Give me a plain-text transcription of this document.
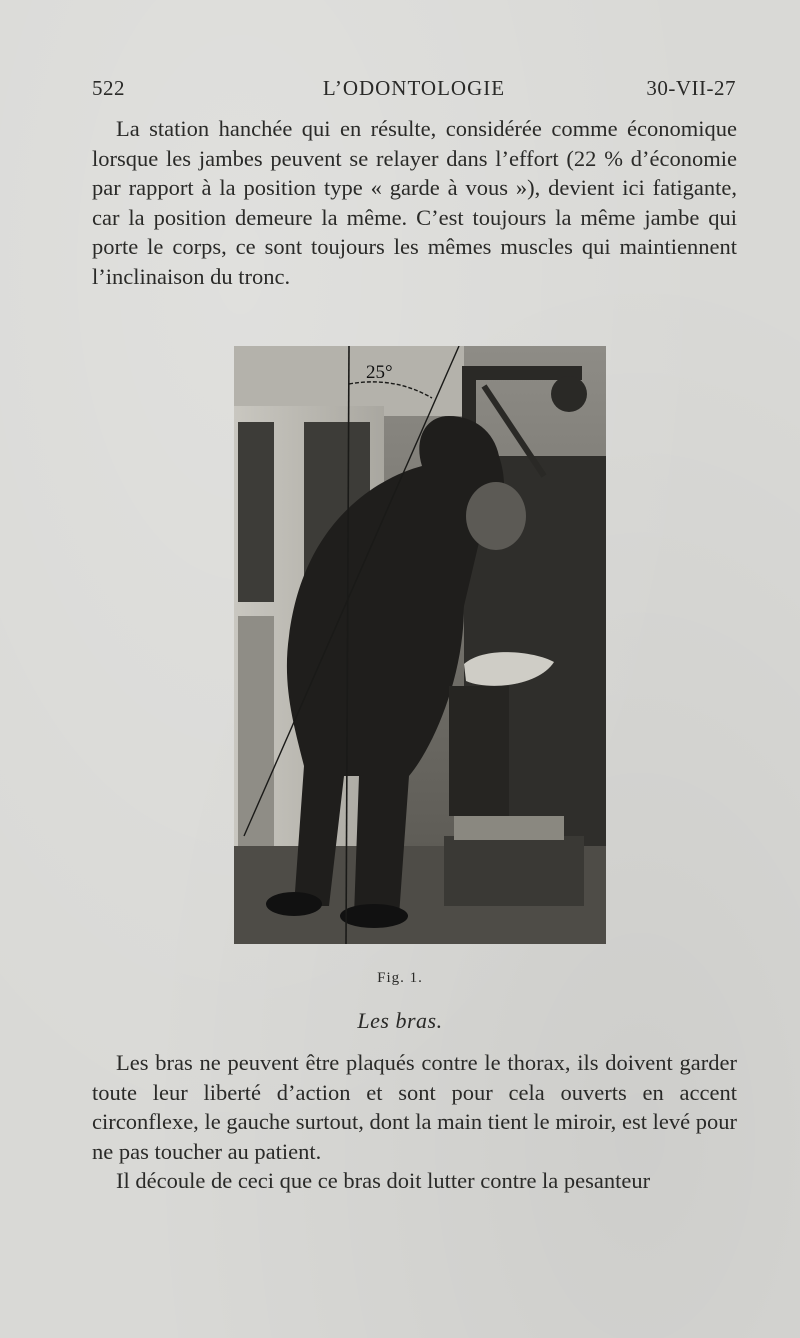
522	L’ODONTOLOGIE	30-VII-27

La station hanchée qui en résulte, considérée comme économique lorsque les jambes peuvent se relayer dans l’effort (22 % d’économie par rapport à la position type « garde à vous »), devient ici fatigante, car la position demeure la même. C’est toujours la même jambe qui porte le corps, ce sont toujours les mêmes muscles qui maintiennent l’inclinaison du tronc.

25°
Fig. 1.
Les bras.

Les bras ne peuvent être plaqués contre le thorax, ils doivent garder toute leur liberté d’action et sont pour cela ouverts en accent circonflexe, le gauche surtout, dont la main tient le miroir, est levé pour ne pas toucher au patient.

Il découle de ceci que ce bras doit lutter contre la pesanteur
